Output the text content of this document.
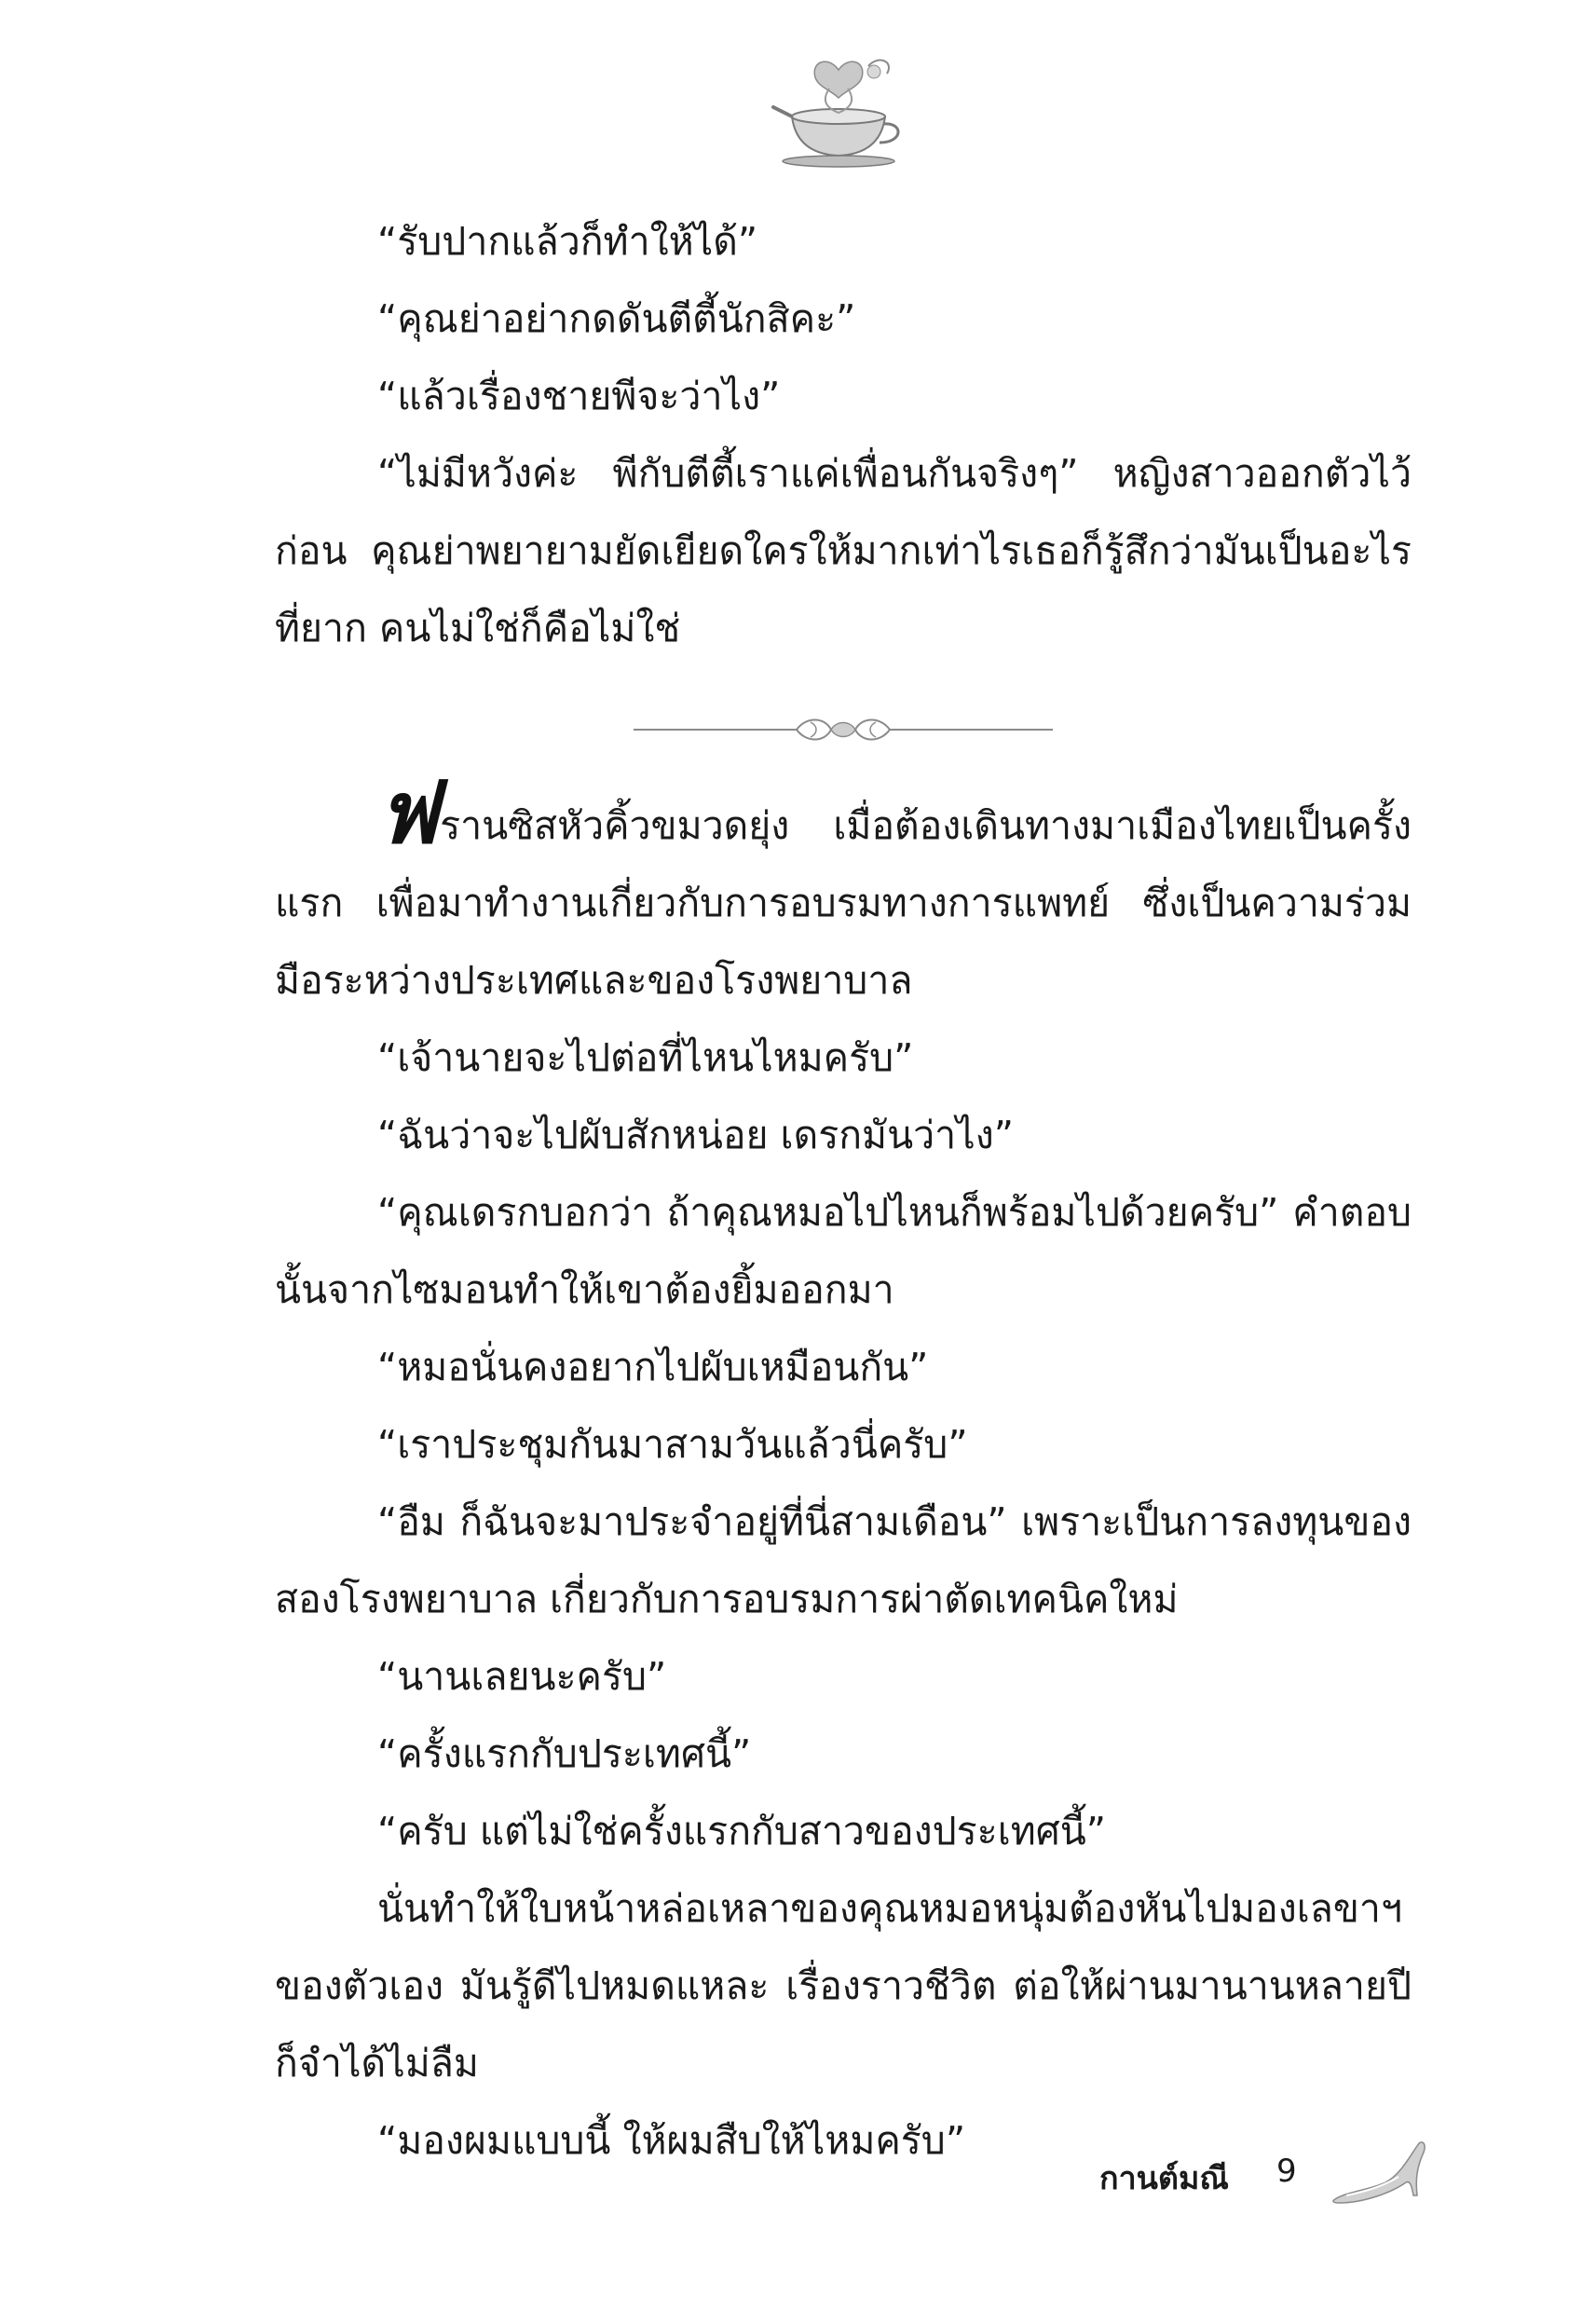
“รับปากแล้วก็ทำให้ได้”

“คุณย่าอย่ากดดันตีตี้นักสิคะ”

“แล้วเรื่องชายพีจะว่าไง”

“ไม่มีหวังค่ะ พีกับตีตี้เราแค่เพื่อนกันจริงๆ” หญิงสาวออกตัวไว้ก่อน คุณย่าพยายามยัดเยียดใครให้มากเท่าไรเธอก็รู้สึกว่ามันเป็นอะไรที่ยาก คนไม่ใช่ก็คือไม่ใช่

ฟรานซิสหัวคิ้วขมวดยุ่ง เมื่อต้องเดินทางมาเมืองไทยเป็นครั้งแรก เพื่อมาทำงานเกี่ยวกับการอบรมทางการแพทย์ ซึ่งเป็นความร่วมมือระหว่างประเทศและของโรงพยาบาล

“เจ้านายจะไปต่อที่ไหนไหมครับ”

“ฉันว่าจะไปผับสักหน่อย เดรกมันว่าไง”

“คุณเดรกบอกว่า ถ้าคุณหมอไปไหนก็พร้อมไปด้วยครับ” คำตอบนั้นจากไซมอนทำให้เขาต้องยิ้มออกมา

“หมอนั่นคงอยากไปผับเหมือนกัน”

“เราประชุมกันมาสามวันแล้วนี่ครับ”

“อืม ก็ฉันจะมาประจำอยู่ที่นี่สามเดือน” เพราะเป็นการลงทุนของสองโรงพยาบาล เกี่ยวกับการอบรมการผ่าตัดเทคนิคใหม่

“นานเลยนะครับ”

“ครั้งแรกกับประเทศนี้”

“ครับ แต่ไม่ใช่ครั้งแรกกับสาวของประเทศนี้”

นั่นทำให้ใบหน้าหล่อเหลาของคุณหมอหนุ่มต้องหันไปมองเลขาฯ ของตัวเอง มันรู้ดีไปหมดแหละ เรื่องราวชีวิต ต่อให้ผ่านมานานหลายปีก็จำได้ไม่ลืม

“มองผมแบบนี้ ให้ผมสืบให้ไหมครับ”

กานต์มณี 9
